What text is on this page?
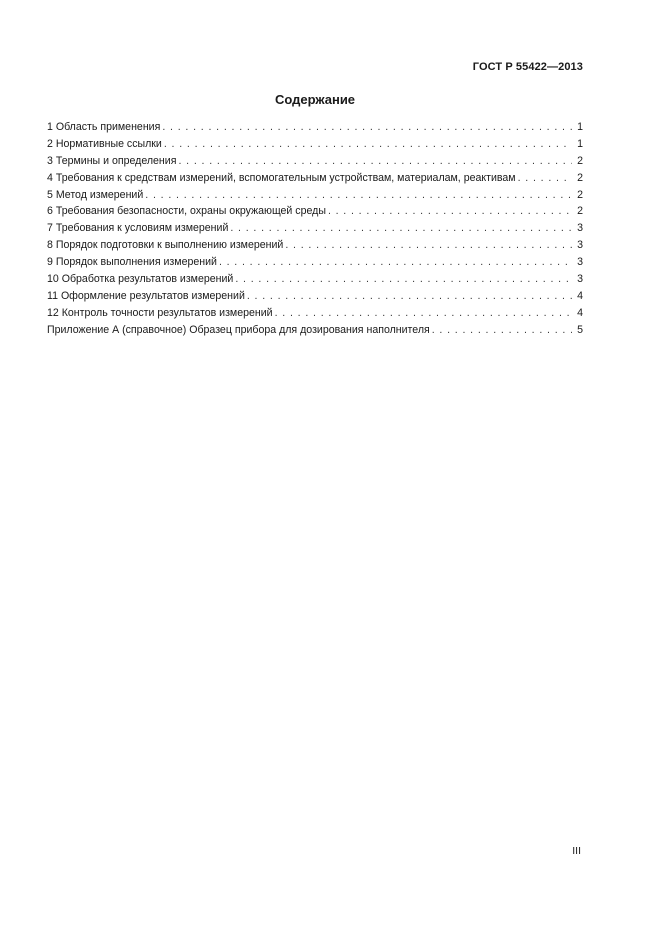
ГОСТ Р 55422—2013
Содержание
1 Область применения . . .	1
2 Нормативные ссылки . . .	1
3 Термины и определения . . .	2
4 Требования к средствам измерений, вспомогательным устройствам, материалам, реактивам . . .	2
5 Метод измерений . . .	2
6 Требования безопасности, охраны окружающей среды . . .	2
7 Требования к условиям измерений . . .	3
8 Порядок подготовки к выполнению измерений . . .	3
9 Порядок выполнения измерений . . .	3
10 Обработка результатов измерений . . .	3
11 Оформление результатов измерений . . .	4
12 Контроль точности результатов измерений . . .	4
Приложение А (справочное) Образец прибора для дозирования наполнителя . . .	5
III
